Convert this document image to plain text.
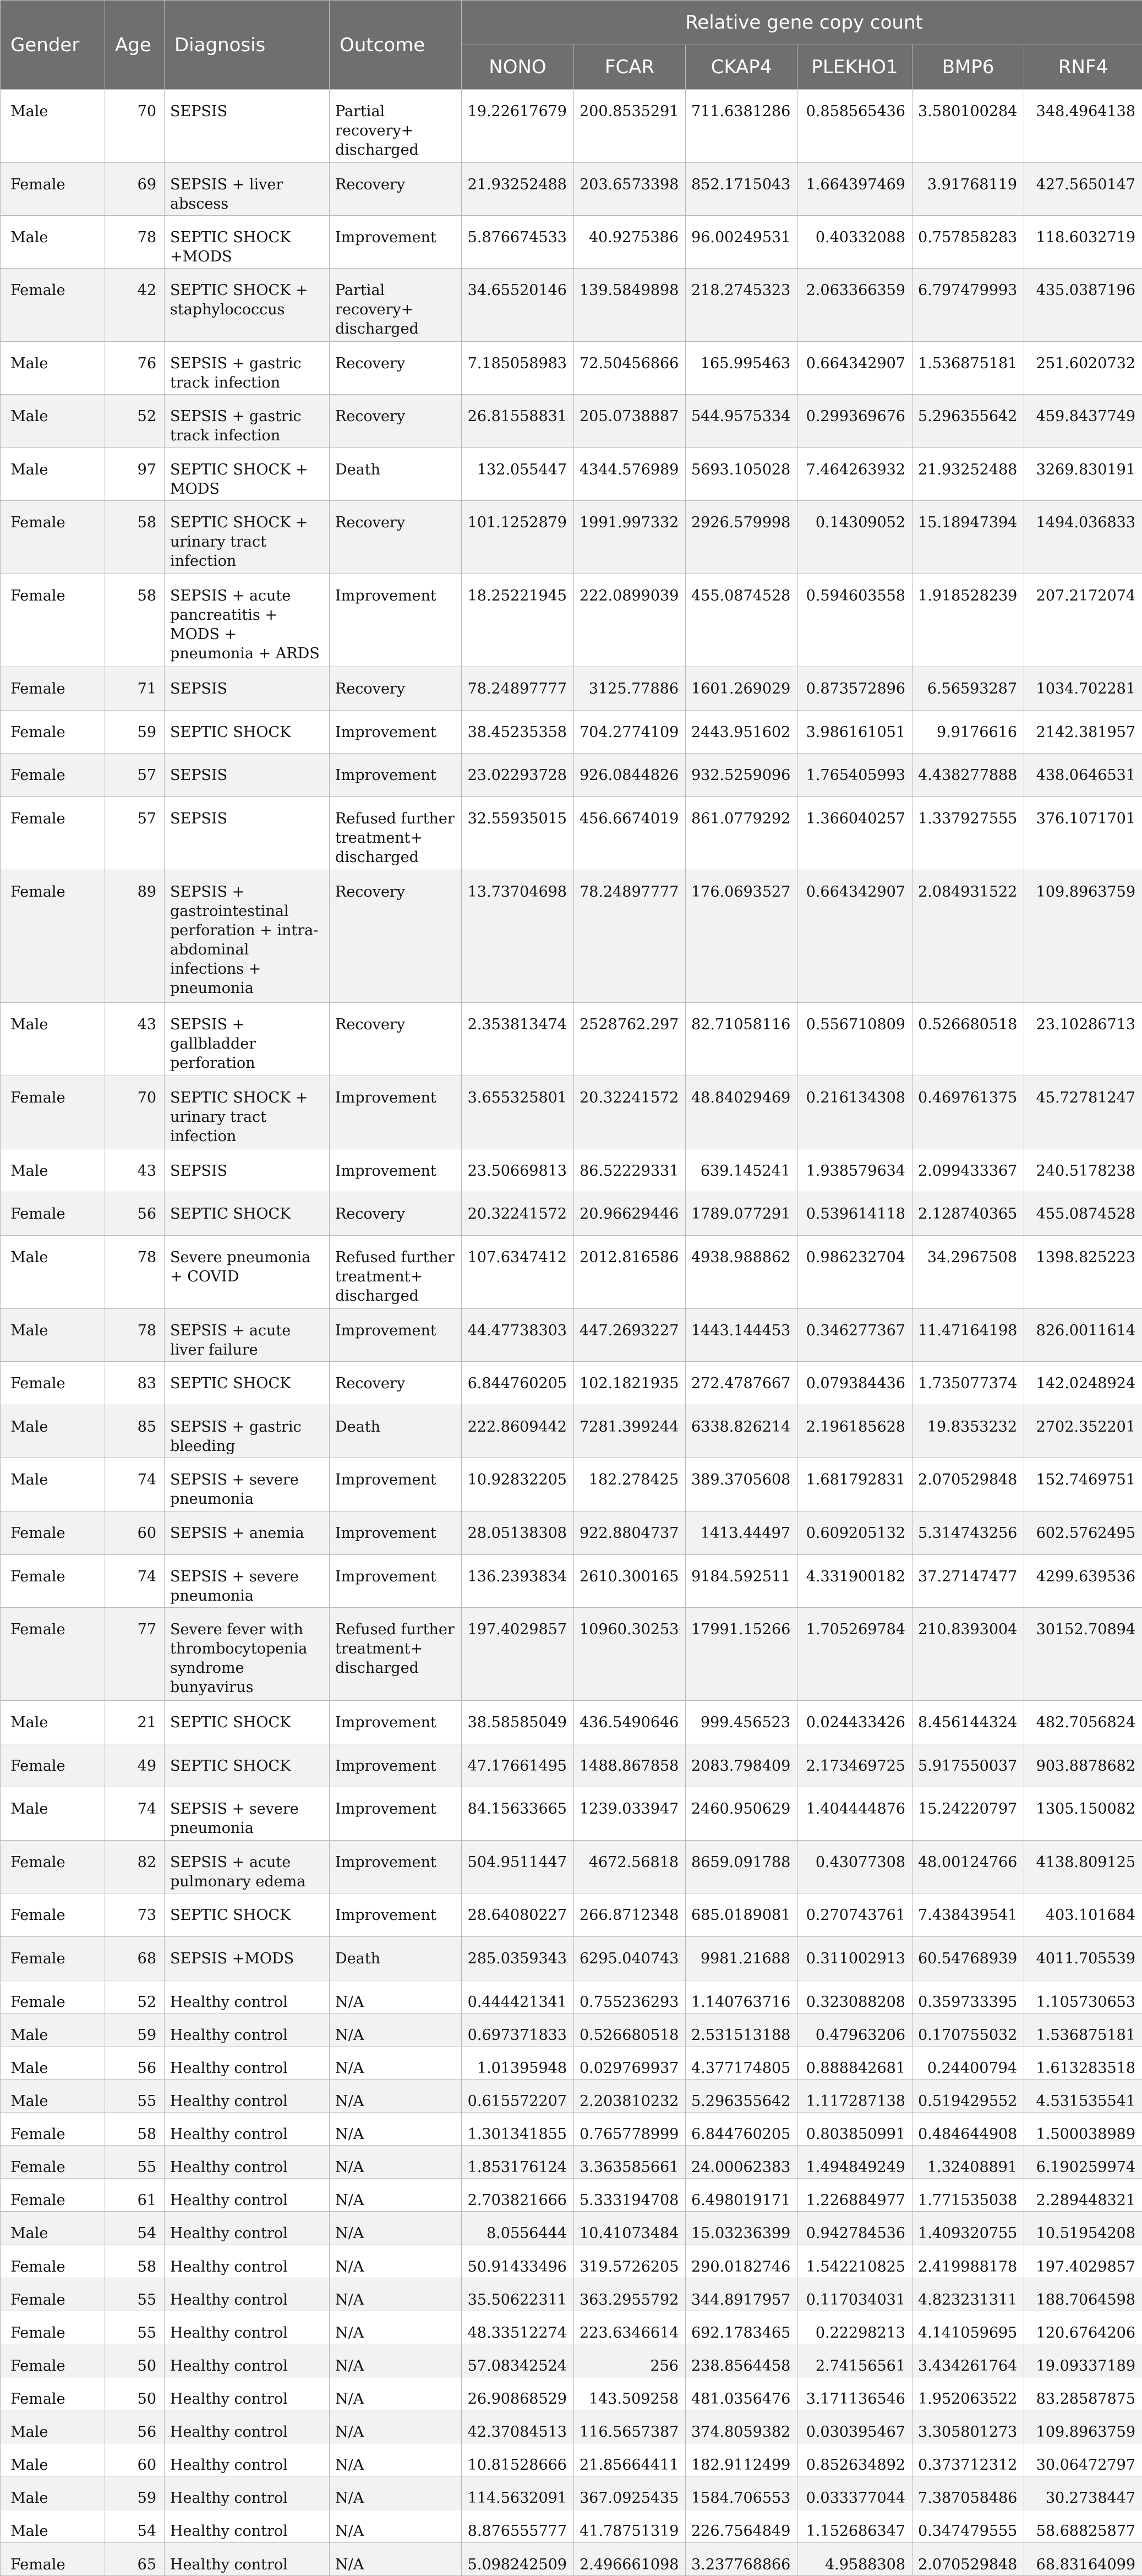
Gender	Age	Diagnosis	Outcome	Relative gene copy count					
				NONO	FCAR	CKAP4	PLEKHO1	BMP6	RNF4
Male	70	SEPSIS	Partial recovery+ discharged	19.22617679	200.8535291	711.6381286	0.858565436	3.580100284	348.4964138
Female	69	SEPSIS + liver abscess	Recovery	21.93252488	203.6573398	852.1715043	1.664397469	3.91768119	427.5650147
Male	78	SEPTIC SHOCK +MODS	Improvement	5.876674533	40.9275386	96.00249531	0.40332088	0.757858283	118.6032719
Female	42	SEPTIC SHOCK + staphylococcus	Partial recovery+ discharged	34.65520146	139.5849898	218.2745323	2.063366359	6.797479993	435.0387196
Male	76	SEPSIS + gastric track infection	Recovery	7.185058983	72.50456866	165.995463	0.664342907	1.536875181	251.6020732
Male	52	SEPSIS + gastric track infection	Recovery	26.81558831	205.0738887	544.9575334	0.299369676	5.296355642	459.8437749
Male	97	SEPTIC SHOCK + MODS	Death	132.055447	4344.576989	5693.105028	7.464263932	21.93252488	3269.830191
Female	58	SEPTIC SHOCK + urinary tract infection	Recovery	101.1252879	1991.997332	2926.579998	0.14309052	15.18947394	1494.036833
Female	58	SEPSIS + acute pancreatitis + MODS + pneumonia + ARDS	Improvement	18.25221945	222.0899039	455.0874528	0.594603558	1.918528239	207.2172074
Female	71	SEPSIS	Recovery	78.24897777	3125.77886	1601.269029	0.873572896	6.56593287	1034.702281
Female	59	SEPTIC SHOCK	Improvement	38.45235358	704.2774109	2443.951602	3.986161051	9.9176616	2142.381957
Female	57	SEPSIS	Improvement	23.02293728	926.0844826	932.5259096	1.765405993	4.438277888	438.0646531
Female	57	SEPSIS	Refused further treatment+ discharged	32.55935015	456.6674019	861.0779292	1.366040257	1.337927555	376.1071701
Female	89	SEPSIS + gastrointestinal perforation + intra-abdominal infections + pneumonia	Recovery	13.73704698	78.24897777	176.0693527	0.664342907	2.084931522	109.8963759
Male	43	SEPSIS + gallbladder perforation	Recovery	2.353813474	2528762.297	82.71058116	0.556710809	0.526680518	23.10286713
Female	70	SEPTIC SHOCK + urinary tract infection	Improvement	3.655325801	20.32241572	48.84029469	0.216134308	0.469761375	45.72781247
Male	43	SEPSIS	Improvement	23.50669813	86.52229331	639.145241	1.938579634	2.099433367	240.5178238
Female	56	SEPTIC SHOCK	Recovery	20.32241572	20.96629446	1789.077291	0.539614118	2.128740365	455.0874528
Male	78	Severe pneumonia + COVID	Refused further treatment+ discharged	107.6347412	2012.816586	4938.988862	0.986232704	34.2967508	1398.825223
Male	78	SEPSIS + acute liver failure	Improvement	44.47738303	447.2693227	1443.144453	0.346277367	11.47164198	826.0011614
Female	83	SEPTIC SHOCK	Recovery	6.844760205	102.1821935	272.4787667	0.079384436	1.735077374	142.0248924
Male	85	SEPSIS + gastric bleeding	Death	222.8609442	7281.399244	6338.826214	2.196185628	19.8353232	2702.352201
Male	74	SEPSIS + severe pneumonia	Improvement	10.92832205	182.278425	389.3705608	1.681792831	2.070529848	152.7469751
Female	60	SEPSIS + anemia	Improvement	28.05138308	922.8804737	1413.44497	0.609205132	5.314743256	602.5762495
Female	74	SEPSIS + severe pneumonia	Improvement	136.2393834	2610.300165	9184.592511	4.331900182	37.27147477	4299.639536
Female	77	Severe fever with thrombocytopenia syndrome bunyavirus	Refused further treatment+ discharged	197.4029857	10960.30253	17991.15266	1.705269784	210.8393004	30152.70894
Male	21	SEPTIC SHOCK	Improvement	38.58585049	436.5490646	999.456523	0.024433426	8.456144324	482.7056824
Female	49	SEPTIC SHOCK	Improvement	47.17661495	1488.867858	2083.798409	2.173469725	5.917550037	903.8878682
Male	74	SEPSIS + severe pneumonia	Improvement	84.15633665	1239.033947	2460.950629	1.404444876	15.24220797	1305.150082
Female	82	SEPSIS + acute pulmonary edema	Improvement	504.9511447	4672.56818	8659.091788	0.43077308	48.00124766	4138.809125
Female	73	SEPTIC SHOCK	Improvement	28.64080227	266.8712348	685.0189081	0.270743761	7.438439541	403.101684
Female	68	SEPSIS +MODS	Death	285.0359343	6295.040743	9981.21688	0.311002913	60.54768939	4011.705539
Female	52	Healthy control	N/A	0.444421341	0.755236293	1.140763716	0.323088208	0.359733395	1.105730653
Male	59	Healthy control	N/A	0.697371833	0.526680518	2.531513188	0.47963206	0.170755032	1.536875181
Male	56	Healthy control	N/A	1.01395948	0.029769937	4.377174805	0.888842681	0.24400794	1.613283518
Male	55	Healthy control	N/A	0.615572207	2.203810232	5.296355642	1.117287138	0.519429552	4.531535541
Female	58	Healthy control	N/A	1.301341855	0.765778999	6.844760205	0.803850991	0.484644908	1.500038989
Female	55	Healthy control	N/A	1.853176124	3.363585661	24.00062383	1.494849249	1.32408891	6.190259974
Female	61	Healthy control	N/A	2.703821666	5.333194708	6.498019171	1.226884977	1.771535038	2.289448321
Male	54	Healthy control	N/A	8.0556444	10.41073484	15.03236399	0.942784536	1.409320755	10.51954208
Female	58	Healthy control	N/A	50.91433496	319.5726205	290.0182746	1.542210825	2.419988178	197.4029857
Female	55	Healthy control	N/A	35.50622311	363.2955792	344.8917957	0.117034031	4.823231311	188.7064598
Female	55	Healthy control	N/A	48.33512274	223.6346614	692.1783465	0.22298213	4.141059695	120.6764206
Female	50	Healthy control	N/A	57.08342524	256	238.8564458	2.74156561	3.434261764	19.09337189
Female	50	Healthy control	N/A	26.90868529	143.509258	481.0356476	3.171136546	1.952063522	83.28587875
Male	56	Healthy control	N/A	42.37084513	116.5657387	374.8059382	0.030395467	3.305801273	109.8963759
Male	60	Healthy control	N/A	10.81528666	21.85664411	182.9112499	0.852634892	0.373712312	30.06472797
Male	59	Healthy control	N/A	114.5632091	367.0925435	1584.706553	0.033377044	7.387058486	30.2738447
Male	54	Healthy control	N/A	8.876555777	41.78751319	226.7564849	1.152686347	0.347479555	58.68825877
Female	65	Healthy control	N/A	5.098242509	2.496661098	3.237768866	4.9588308	2.070529848	68.83164099
